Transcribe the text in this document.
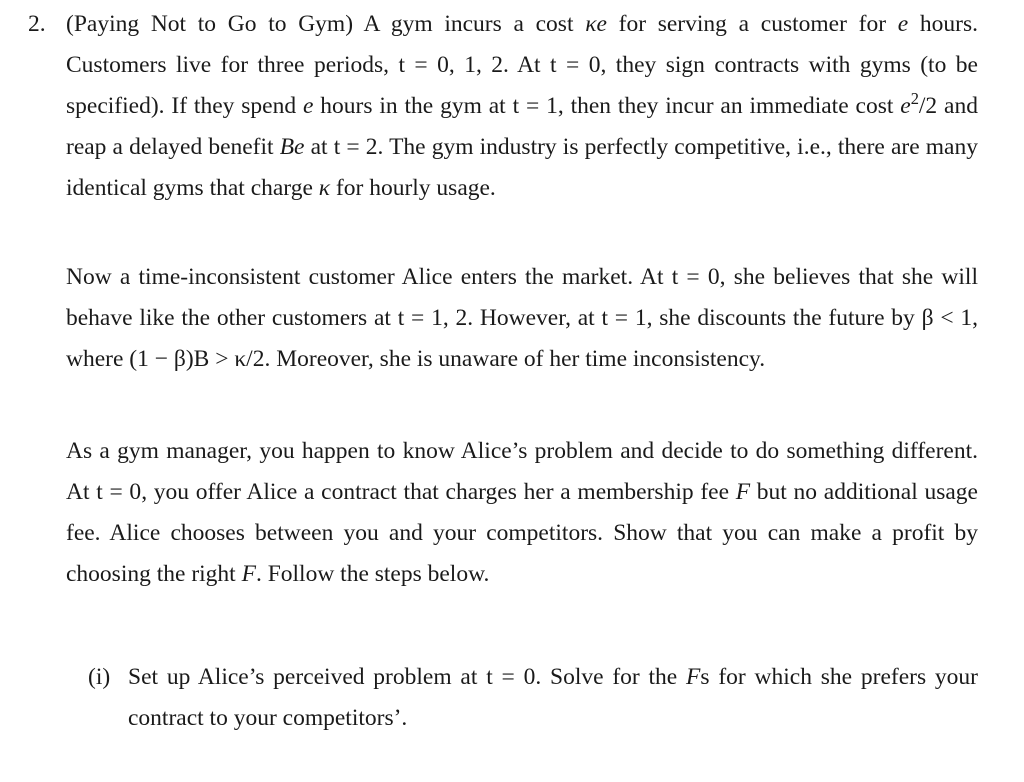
2. (Paying Not to Go to Gym) A gym incurs a cost κe for serving a customer for e hours. Customers live for three periods, t = 0, 1, 2. At t = 0, they sign contracts with gyms (to be specified). If they spend e hours in the gym at t = 1, then they incur an immediate cost $e^2/2$ and reap a delayed benefit Be at t = 2. The gym industry is perfectly competitive, i.e., there are many identical gyms that charge κ for hourly usage.

Now a time-inconsistent customer Alice enters the market. At t = 0, she believes that she will behave like the other customers at t = 1, 2. However, at t = 1, she discounts the future by β < 1, where (1 − β)B > κ/2. Moreover, she is unaware of her time inconsistency.

As a gym manager, you happen to know Alice’s problem and decide to do something different. At t = 0, you offer Alice a contract that charges her a membership fee F but no additional usage fee. Alice chooses between you and your competitors. Show that you can make a profit by choosing the right F. Follow the steps below.

(i) Set up Alice’s perceived problem at t = 0. Solve for the Fs for which she prefers your contract to your competitors’.
